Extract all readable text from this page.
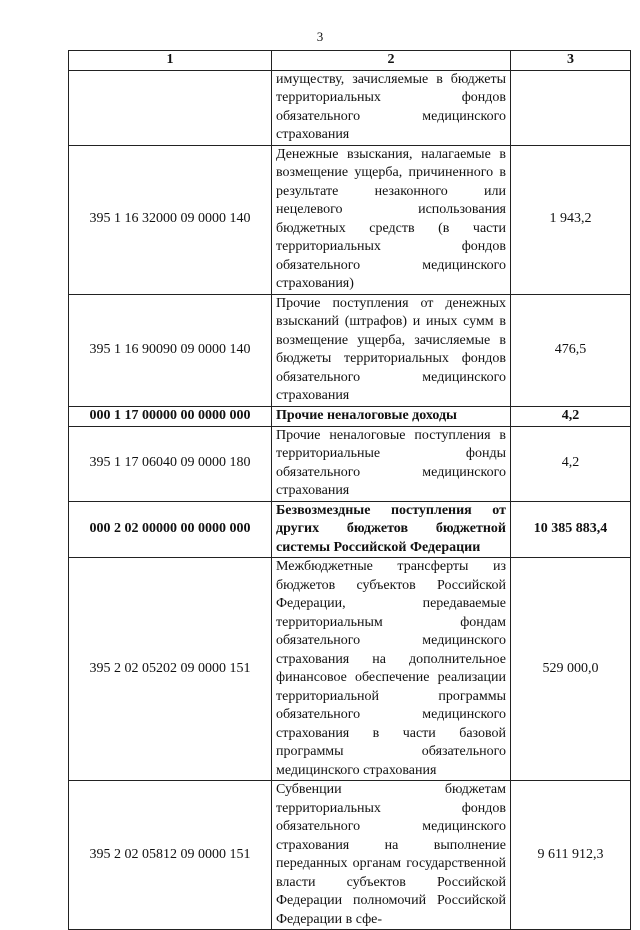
3
1	2	3
	имуществу, зачисляемые в бюджеты территориальных фондов обязательного медицинского страхования	
395 1 16 32000 09 0000 140	Денежные взыскания, налагаемые в возмещение ущерба, причиненного в результате незаконного или нецелевого использования бюджетных средств (в части территориальных фондов обязательного медицинского страхования)	1 943,2
395 1 16 90090 09 0000 140	Прочие поступления от денежных взысканий (штрафов) и иных сумм в возмещение ущерба, зачисляемые в бюджеты территориальных фондов обязательного медицинского страхования	476,5
000 1 17 00000 00 0000 000	Прочие неналоговые доходы	4,2
395 1 17 06040 09 0000 180	Прочие неналоговые поступления в территориальные фонды обязательного медицинского страхования	4,2
000 2 02 00000 00 0000 000	Безвозмездные поступления от других бюджетов бюджетной системы Российской Федерации	10 385 883,4
395 2 02 05202 09 0000 151	Межбюджетные трансферты из бюджетов субъектов Российской Федерации, передаваемые территориальным фондам обязательного медицинского страхования на дополнительное финансовое обеспечение реализации территориальной программы обязательного медицинского страхования в части базовой программы обязательного медицинского страхования	529 000,0
395 2 02 05812 09 0000 151	Субвенции бюджетам территориальных фондов обязательного медицинского страхования на выполнение переданных органам государственной власти субъектов Российской Федерации полномочий Российской Федерации в сфе-	9 611 912,3
